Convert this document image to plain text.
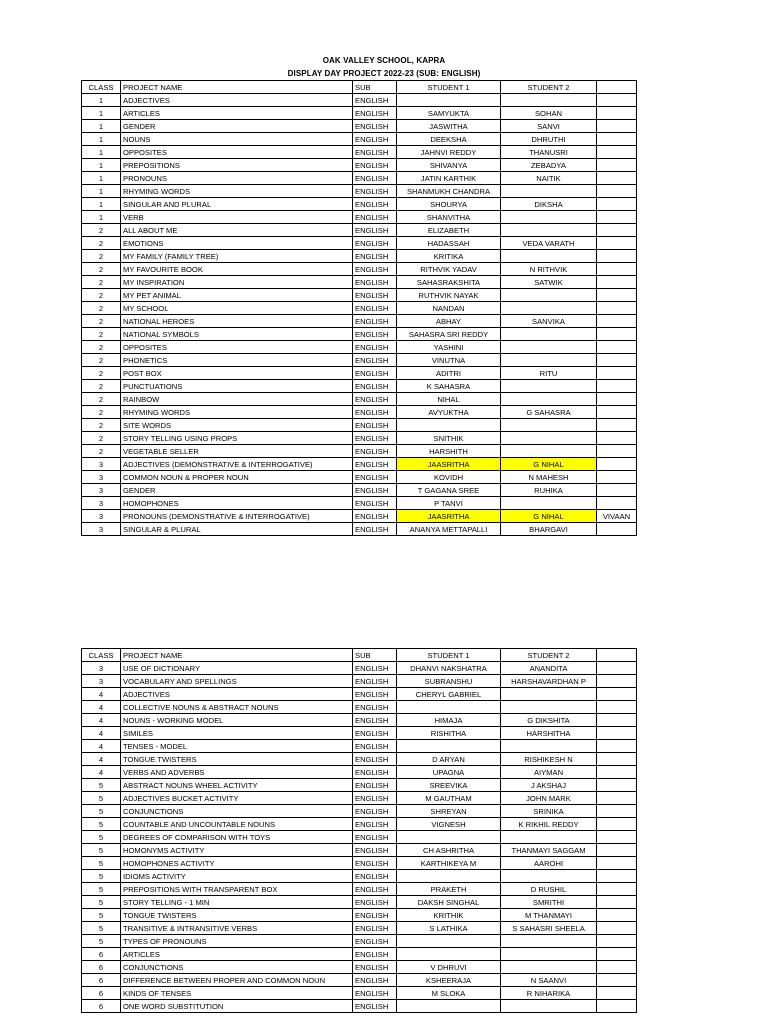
OAK VALLEY SCHOOL, KAPRA
DISPLAY DAY PROJECT 2022-23 (SUB: ENGLISH)
CLASS	PROJECT NAME	SUB	STUDENT 1	STUDENT 2	
1	ADJECTIVES	ENGLISH			
1	ARTICLES	ENGLISH	SAMYUKTA	SOHAN	
1	GENDER	ENGLISH	JASWITHA	SANVI	
1	NOUNS	ENGLISH	DEEKSHA	DHRUTHI	
1	OPPOSITES	ENGLISH	JAHNVI REDDY	THANUSRI	
1	PREPOSITIONS	ENGLISH	SHIVANYA	ZEBADYA	
1	PRONOUNS	ENGLISH	JATIN KARTHIK	NAITIK	
1	RHYMING WORDS	ENGLISH	SHANMUKH CHANDRA		
1	SINGULAR AND PLURAL	ENGLISH	SHOURYA	DIKSHA	
1	VERB	ENGLISH	SHANVITHA		
2	ALL ABOUT ME	ENGLISH	ELIZABETH		
2	EMOTIONS	ENGLISH	HADASSAH	VEDA VARATH	
2	MY FAMILY (FAMILY TREE)	ENGLISH	KRITIKA		
2	MY FAVOURITE BOOK	ENGLISH	RITHVIK YADAV	N RITHVIK	
2	MY INSPIRATION	ENGLISH	SAHASRAKSHITA	SATWIK	
2	MY PET ANIMAL	ENGLISH	RUTHVIK NAYAK		
2	MY SCHOOL	ENGLISH	NANDAN		
2	NATIONAL HEROES	ENGLISH	ABHAY	SANVIKA	
2	NATIONAL SYMBOLS	ENGLISH	SAHASRA SRI REDDY		
2	OPPOSITES	ENGLISH	YASHINI		
2	PHONETICS	ENGLISH	VINUTNA		
2	POST BOX	ENGLISH	ADITRI	RITU	
2	PUNCTUATIONS	ENGLISH	K SAHASRA		
2	RAINBOW	ENGLISH	NIHAL		
2	RHYMING WORDS	ENGLISH	AVYUKTHA	G SAHASRA	
2	SITE WORDS	ENGLISH			
2	STORY TELLING USING PROPS	ENGLISH	SNITHIK		
2	VEGETABLE SELLER	ENGLISH	HARSHITH		
3	ADJECTIVES (DEMONSTRATIVE & INTERROGATIVE)	ENGLISH	JAASRITHA	G NIHAL	
3	COMMON NOUN & PROPER NOUN	ENGLISH	KOVIDH	N MAHESH	
3	GENDER	ENGLISH	T GAGANA SREE	RUHIKA	
3	HOMOPHONES	ENGLISH	P TANVI		
3	PRONOUNS (DEMONSTRATIVE & INTERROGATIVE)	ENGLISH	JAASRITHA	G NIHAL	VIVAAN
3	SINGULAR & PLURAL	ENGLISH	ANANYA METTAPALLI	BHARGAVI	
CLASS	PROJECT NAME	SUB	STUDENT 1	STUDENT 2	
3	USE OF DICTIONARY	ENGLISH	DHANVI NAKSHATRA	ANANDITA	
3	VOCABULARY AND SPELLINGS	ENGLISH	SUBRANSHU	HARSHAVARDHAN P	
4	ADJECTIVES	ENGLISH	CHERYL GABRIEL		
4	COLLECTIVE NOUNS & ABSTRACT NOUNS	ENGLISH			
4	NOUNS - WORKING MODEL	ENGLISH	HIMAJA	G DIKSHITA	
4	SIMILES	ENGLISH	RISHITHA	HARSHITHA	
4	TENSES - MODEL	ENGLISH			
4	TONGUE TWISTERS	ENGLISH	D ARYAN	RISHIKESH N	
4	VERBS AND ADVERBS	ENGLISH	UPAGNA	AIYMAN	
5	ABSTRACT NOUNS WHEEL ACTIVITY	ENGLISH	SREEVIKA	J AKSHAJ	
5	ADJECTIVES BUCKET ACTIVITY	ENGLISH	M GAUTHAM	JOHN MARK	
5	CONJUNCTIONS	ENGLISH	SHREYAN	SRINIKA	
5	COUNTABLE AND UNCOUNTABLE NOUNS	ENGLISH	VIGNESH	K RIKHIL REDDY	
5	DEGREES OF COMPARISON WITH TOYS	ENGLISH			
5	HOMONYMS ACTIVITY	ENGLISH	CH ASHRITHA	THANMAYI SAGGAM	
5	HOMOPHONES ACTIVITY	ENGLISH	KARTHIKEYA M	AAROHI	
5	IDIOMS ACTIVITY	ENGLISH			
5	PREPOSITIONS WITH TRANSPARENT BOX	ENGLISH	PRAKETH	D RUSHIL	
5	STORY TELLING - 1 MIN	ENGLISH	DAKSH SINGHAL	SMRITHI	
5	TONGUE TWISTERS	ENGLISH	KRITHIK	M THANMAYI	
5	TRANSITIVE & INTRANSITIVE VERBS	ENGLISH	S LATHIKA	S SAHASRI SHEELA	
5	TYPES OF PRONOUNS	ENGLISH			
6	ARTICLES	ENGLISH			
6	CONJUNCTIONS	ENGLISH	V DHRUVI		
6	DIFFERENCE BETWEEN PROPER AND COMMON NOUN	ENGLISH	KSHEERAJA	N SAANVI	
6	KINDS OF TENSES	ENGLISH	M SLOKA	R NIHARIKA	
6	ONE WORD SUBSTITUTION	ENGLISH			
